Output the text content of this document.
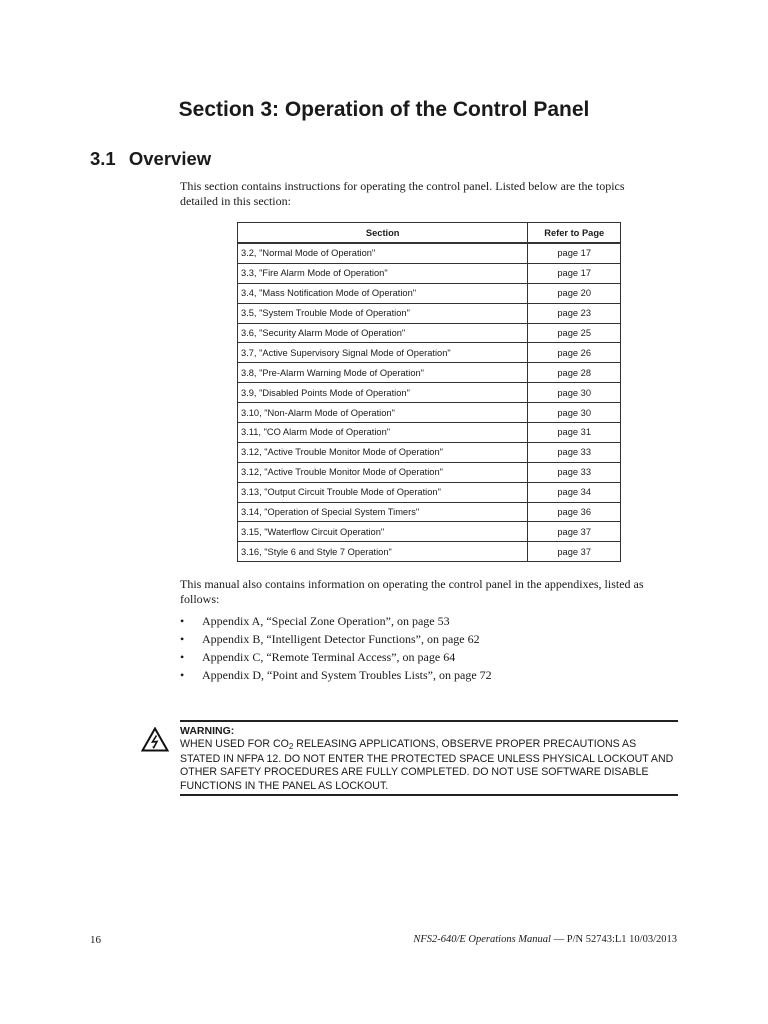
Section 3: Operation of the Control Panel
3.1 Overview
This section contains instructions for operating the control panel. Listed below are the topics detailed in this section:
Section	Refer to Page
3.2, "Normal Mode of Operation"	page 17
3.3, "Fire Alarm Mode of Operation"	page 17
3.4, "Mass Notification Mode of Operation"	page 20
3.5, "System Trouble Mode of Operation"	page 23
3.6, "Security Alarm Mode of Operation"	page 25
3.7, "Active Supervisory Signal Mode of Operation"	page 26
3.8, "Pre-Alarm Warning Mode of Operation"	page 28
3.9, "Disabled Points Mode of Operation"	page 30
3.10, "Non-Alarm Mode of Operation"	page 30
3.11, "CO Alarm Mode of Operation"	page 31
3.12, "Active Trouble Monitor Mode of Operation"	page 33
3.12, "Active Trouble Monitor Mode of Operation"	page 33
3.13, "Output Circuit Trouble Mode of Operation"	page 34
3.14, "Operation of Special System Timers"	page 36
3.15, "Waterflow Circuit Operation"	page 37
3.16, "Style 6 and Style 7 Operation"	page 37
This manual also contains information on operating the control panel in the appendixes, listed as follows:
• Appendix A, “Special Zone Operation”, on page 53
• Appendix B, “Intelligent Detector Functions”, on page 62
• Appendix C, “Remote Terminal Access”, on page 64
• Appendix D, “Point and System Troubles Lists”, on page 72
WARNING:
WHEN USED FOR $CO_2$ RELEASING APPLICATIONS, OBSERVE PROPER PRECAUTIONS AS STATED IN NFPA 12. DO NOT ENTER THE PROTECTED SPACE UNLESS PHYSICAL LOCKOUT AND OTHER SAFETY PROCEDURES ARE FULLY COMPLETED. DO NOT USE SOFTWARE DISABLE FUNCTIONS IN THE PANEL AS LOCKOUT.
16	NFS2-640/E Operations Manual — P/N 52743:L1 10/03/2013
